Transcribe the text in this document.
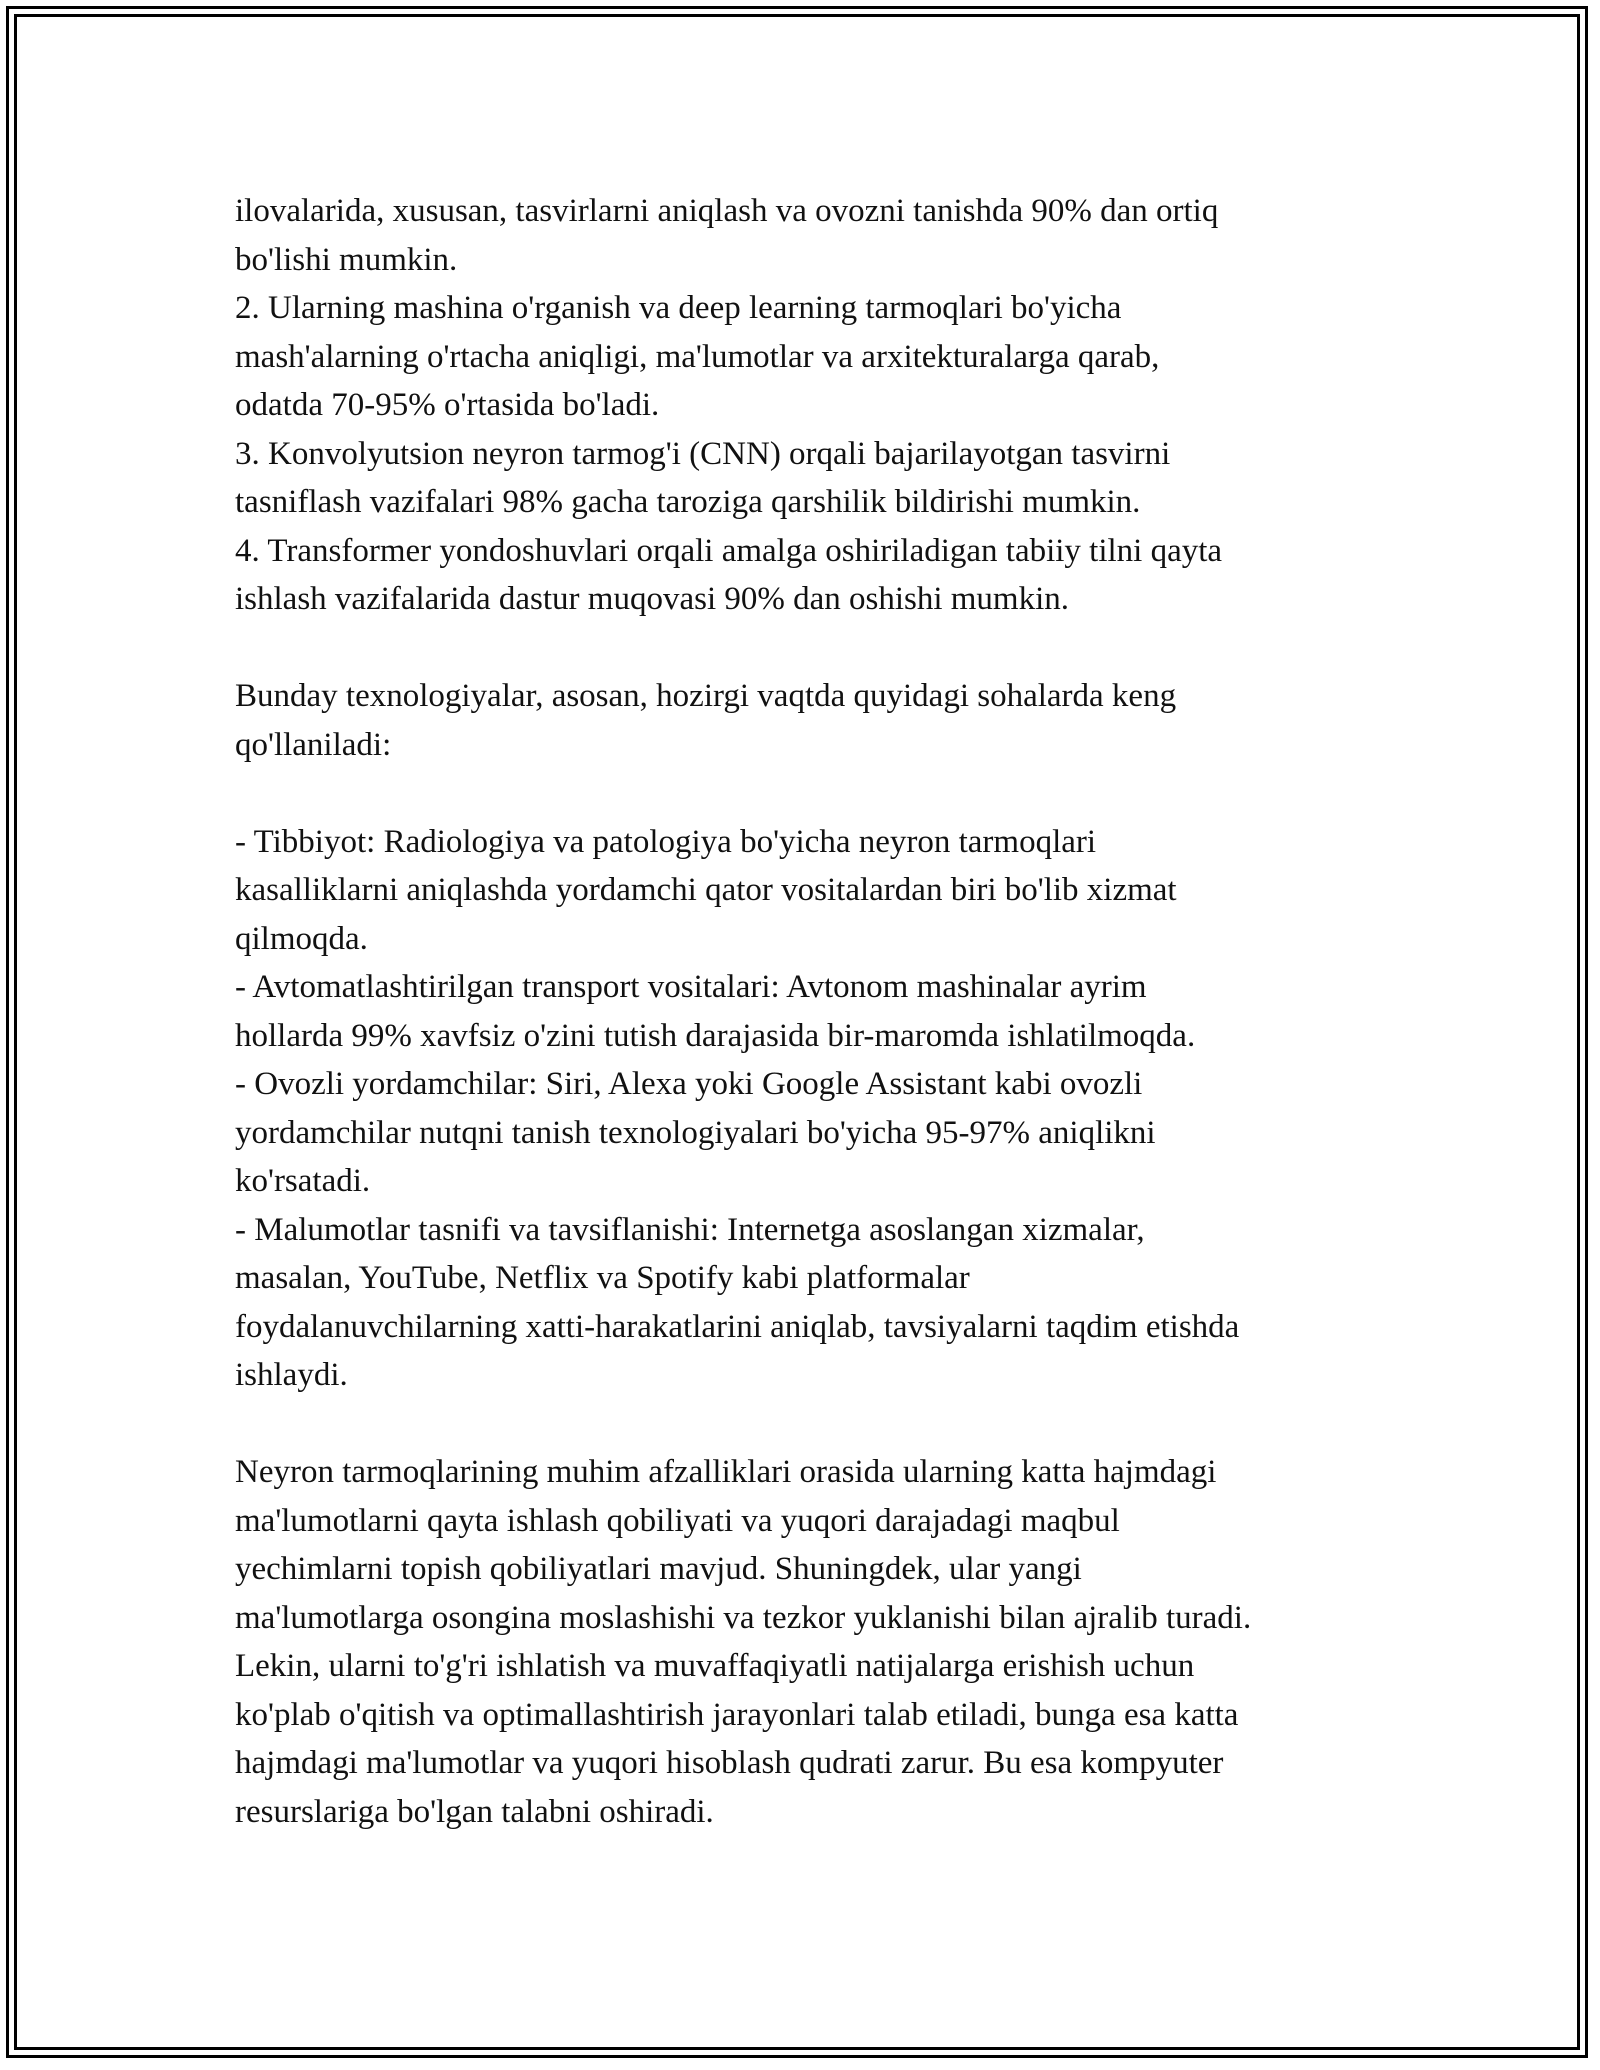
ilovalarida, xususan, tasvirlarni aniqlash va ovozni tanishda 90% dan ortiq
bo'lishi mumkin.
2. Ularning mashina o'rganish va deep learning tarmoqlari bo'yicha
mash'alarning o'rtacha aniqligi, ma'lumotlar va arxitekturalarga qarab,
odatda 70-95% o'rtasida bo'ladi.
3. Konvolyutsion neyron tarmog'i (CNN) orqali bajarilayotgan tasvirni
tasniflash vazifalari 98% gacha taroziga qarshilik bildirishi mumkin.
4. Transformer yondoshuvlari orqali amalga oshiriladigan tabiiy tilni qayta
ishlash vazifalarida dastur muqovasi 90% dan oshishi mumkin.

Bunday texnologiyalar, asosan, hozirgi vaqtda quyidagi sohalarda keng
qo'llaniladi:

- Tibbiyot: Radiologiya va patologiya bo'yicha neyron tarmoqlari
kasalliklarni aniqlashda yordamchi qator vositalardan biri bo'lib xizmat
qilmoqda.
- Avtomatlashtirilgan transport vositalari: Avtonom mashinalar ayrim
hollarda 99% xavfsiz o'zini tutish darajasida bir-maromda ishlatilmoqda.
- Ovozli yordamchilar: Siri, Alexa yoki Google Assistant kabi ovozli
yordamchilar nutqni tanish texnologiyalari bo'yicha 95-97% aniqlikni
ko'rsatadi.
- Malumotlar tasnifi va tavsiflanishi: Internetga asoslangan xizmalar,
masalan, YouTube, Netflix va Spotify kabi platformalar
foydalanuvchilarning xatti-harakatlarini aniqlab, tavsiyalarni taqdim etishda
ishlaydi.

Neyron tarmoqlarining muhim afzalliklari orasida ularning katta hajmdagi
ma'lumotlarni qayta ishlash qobiliyati va yuqori darajadagi maqbul
yechimlarni topish qobiliyatlari mavjud. Shuningdek, ular yangi
ma'lumotlarga osongina moslashishi va tezkor yuklanishi bilan ajralib turadi.
Lekin, ularni to'g'ri ishlatish va muvaffaqiyatli natijalarga erishish uchun
ko'plab o'qitish va optimallashtirish jarayonlari talab etiladi, bunga esa katta
hajmdagi ma'lumotlar va yuqori hisoblash qudrati zarur. Bu esa kompyuter
resurslariga bo'lgan talabni oshiradi.
